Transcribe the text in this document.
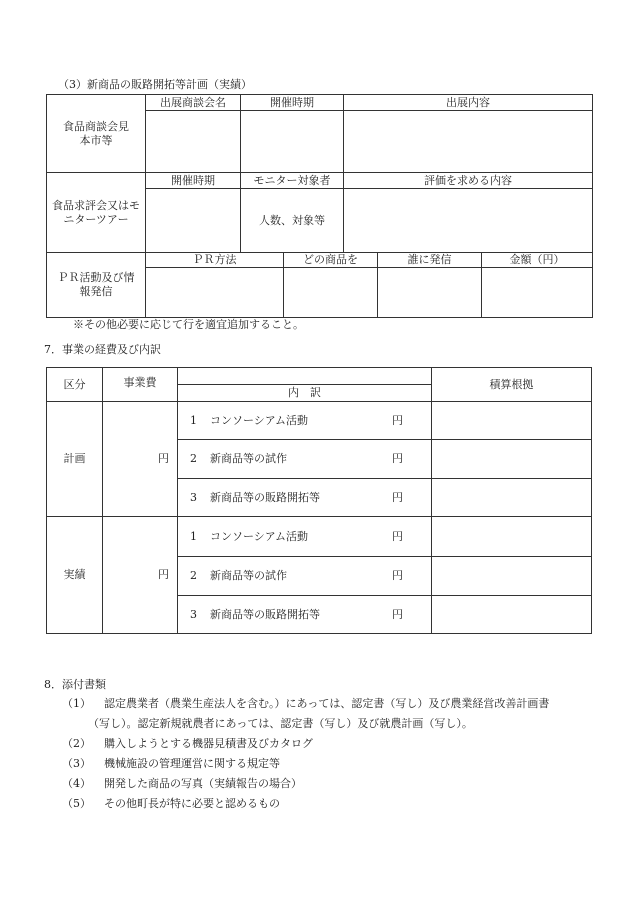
（3）新商品の販路開拓等計画（実績）
食品商談会見本市等	出展商談会名	開催時期		出展内容		

食品求評会又はモニターツアー	開催時期	モニター対象者		評価を求める内容		
		人数、対象等				

ＰＲ活動及び情報発信	ＰＲ方法		どの商品を		誰に発信	金額（円）

※その他必要に応じて行を適宜追加すること。
7．事業の経費及び内訳
区分	事業費		積算根拠
		内　訳	
計画	円	1 コンソーシアム活動 円	
		2 新商品等の試作 円	
		3 新商品等の販路開拓等 円	
実績	円	1 コンソーシアム活動 円	
		2 新商品等の試作 円	
		3 新商品等の販路開拓等 円	
8．添付書類
（1） 認定農業者（農業生産法人を含む。）にあっては、認定書（写し）及び農業経営改善計画書
（写し）。認定新規就農者にあっては、認定書（写し）及び就農計画（写し）。
（2） 購入しようとする機器見積書及びカタログ
（3） 機械施設の管理運営に関する規定等
（4） 開発した商品の写真（実績報告の場合）
（5） その他町長が特に必要と認めるもの
